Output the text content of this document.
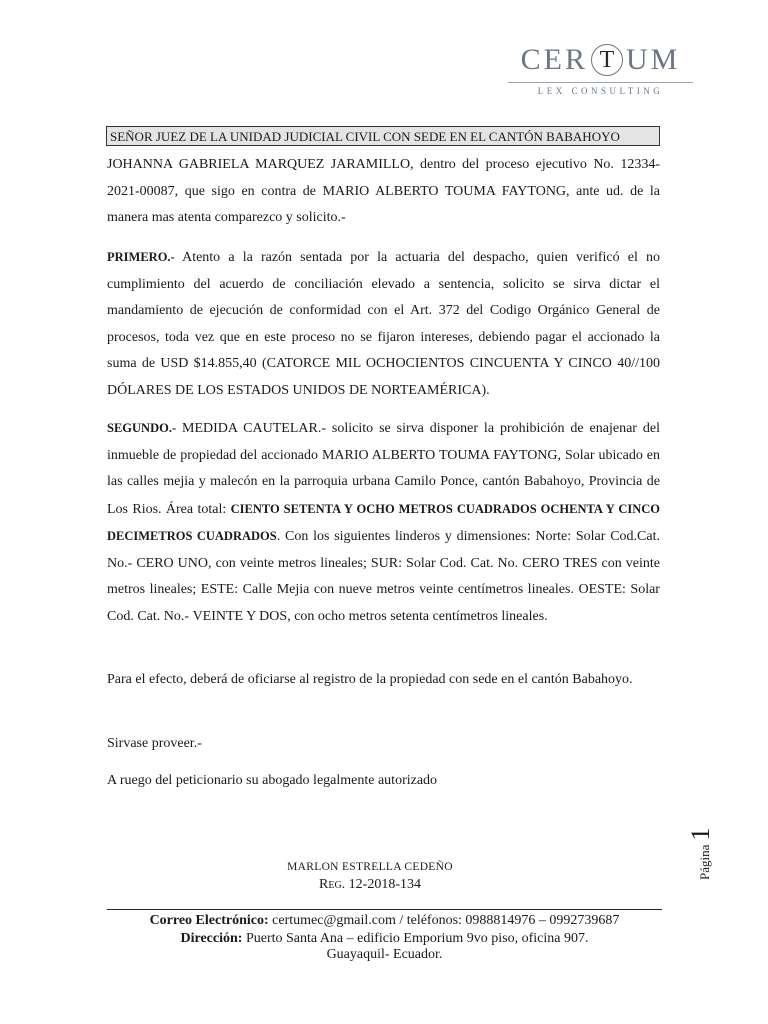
CER T UM
LEX CONSULTING
SEÑOR JUEZ DE LA UNIDAD JUDICIAL CIVIL CON SEDE EN EL CANTÓN BABAHOYO
JOHANNA GABRIELA MARQUEZ JARAMILLO, dentro del proceso ejecutivo No. 12334-2021-00087, que sigo en contra de MARIO ALBERTO TOUMA FAYTONG, ante ud. de la manera mas atenta comparezco y solicito.-
PRIMERO.- Atento a la razón sentada por la actuaria del despacho, quien verificó el no cumplimiento del acuerdo de conciliación elevado a sentencia, solicito se sirva dictar el mandamiento de ejecución de conformidad con el Art. 372 del Codigo Orgánico General de procesos, toda vez que en este proceso no se fijaron intereses, debiendo pagar el accionado la suma de USD $14.855,40 (CATORCE MIL OCHOCIENTOS CINCUENTA Y CINCO 40//100 DÓLARES DE LOS ESTADOS UNIDOS DE NORTEAMÉRICA).
SEGUNDO.- MEDIDA CAUTELAR.- solicito se sirva disponer la prohibición de enajenar del inmueble de propiedad del accionado MARIO ALBERTO TOUMA FAYTONG, Solar ubicado en las calles mejia y malecón en la parroquia urbana Camilo Ponce, cantón Babahoyo, Provincia de Los Rios. Área total: CIENTO SETENTA Y OCHO METROS CUADRADOS OCHENTA Y CINCO DECIMETROS CUADRADOS. Con los siguientes linderos y dimensiones: Norte: Solar Cod.Cat. No.- CERO UNO, con veinte metros lineales; SUR: Solar Cod. Cat. No. CERO TRES con veinte metros lineales; ESTE: Calle Mejia con nueve metros veinte centímetros lineales. OESTE: Solar Cod. Cat. No.- VEINTE Y DOS, con ocho metros setenta centímetros lineales.
Para el efecto, deberá de oficiarse al registro de la propiedad con sede en el cantón Babahoyo.
Sirvase proveer.-
A ruego del peticionario su abogado legalmente autorizado
MARLON ESTRELLA CEDEÑO
Reg. 12-2018-134
Correo Electrónico: certumec@gmail.com / teléfonos: 0988814976 – 0992739687
Dirección: Puerto Santa Ana – edificio Emporium 9vo piso, oficina 907.
Guayaquil- Ecuador.
Página 1
